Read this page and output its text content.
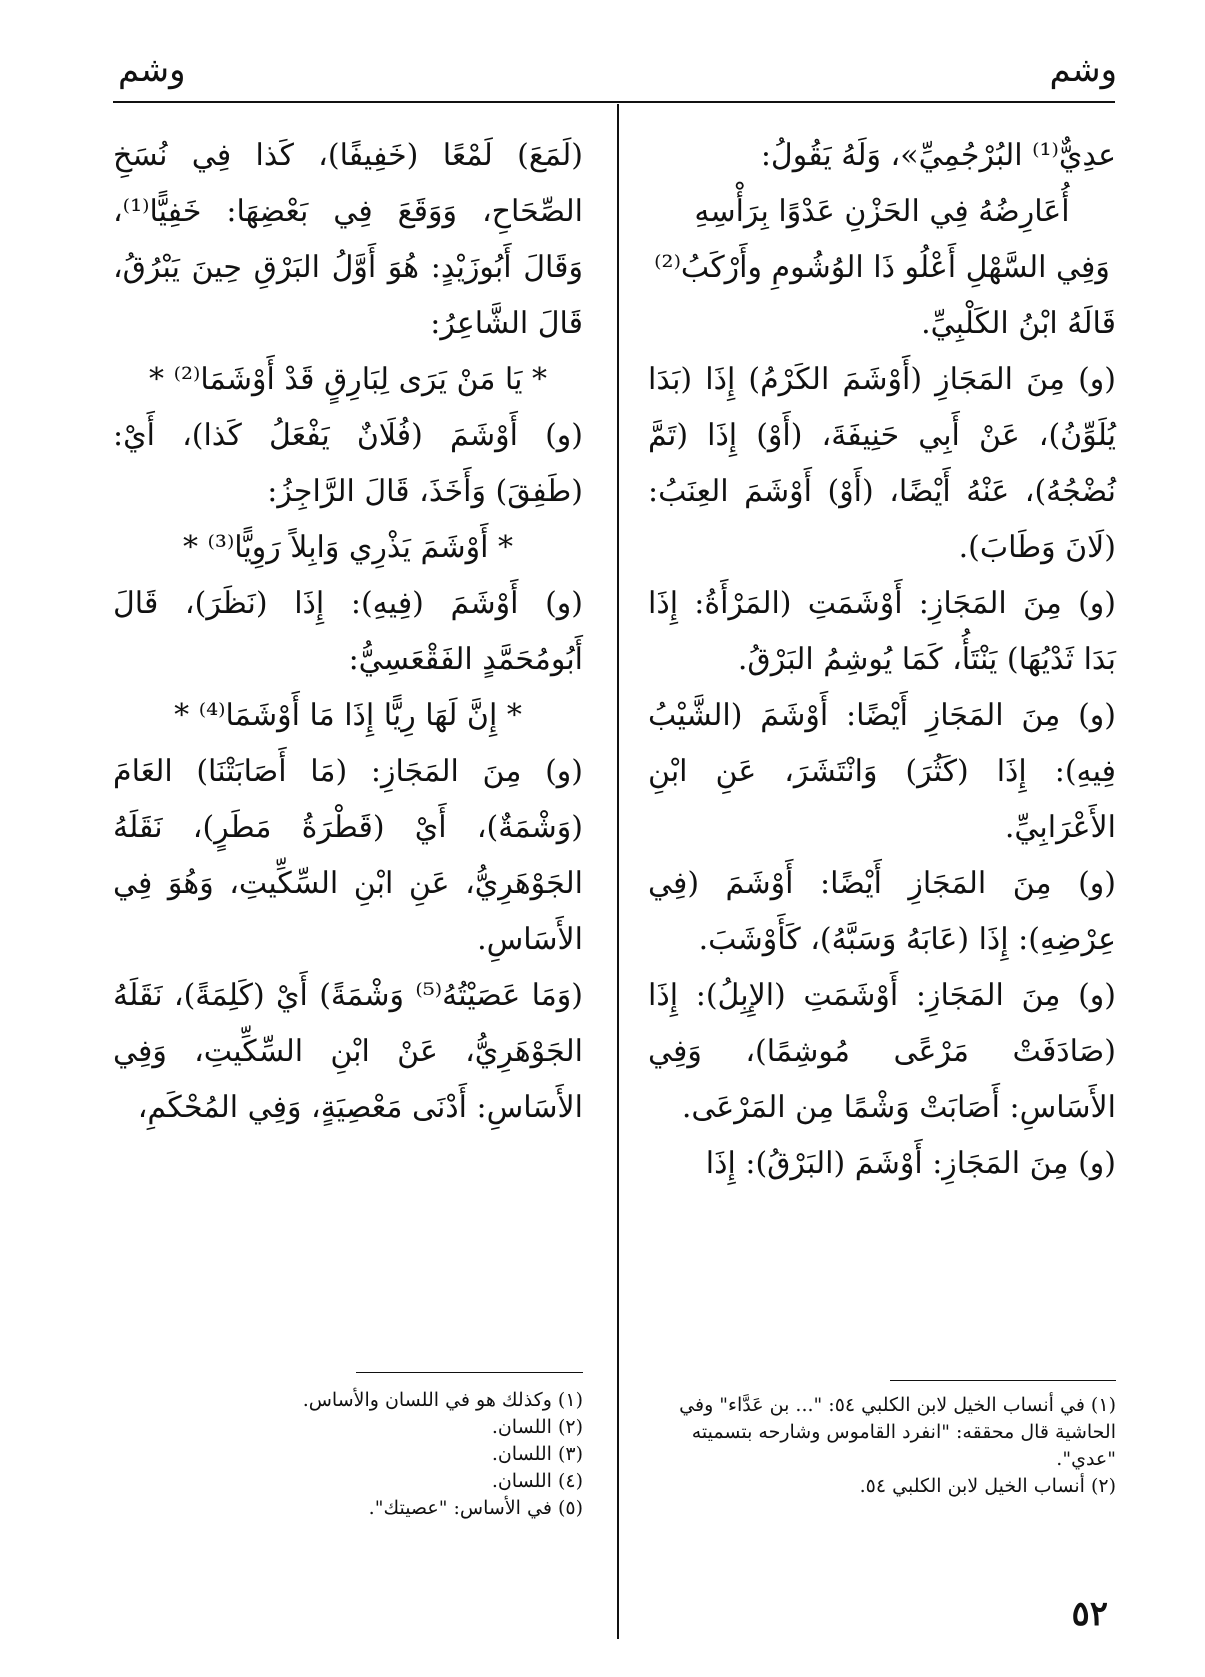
وشم
وشم

عدِيٌّ⁽¹⁾ البُرْجُمِيِّ»، وَلَهُ يَقُولُ:

أُعَارِضُهُ فِي الحَزْنِ عَدْوًا بِرَأْسِهِ

وَفِي السَّهْلِ أَعْلُو ذَا الوُشُومِ وأَرْكَبُ⁽²⁾

قَالَهُ ابْنُ الكَلْبِيِّ.

(و) مِنَ المَجَازِ (أَوْشَمَ الكَرْمُ) إِذَا (بَدَا يُلَوِّنُ)، عَنْ أَبِي حَنِيفَةَ، (أَوْ) إِذَا (تَمَّ نُضْجُهُ)، عَنْهُ أَيْضًا، (أَوْ) أَوْشَمَ العِنَبُ: (لَانَ وَطَابَ).

(و) مِنَ المَجَازِ: أَوْشَمَتِ (المَرْأَةُ: إِذَا بَدَا ثَدْيُهَا) يَنْتَأُ، كَمَا يُوشِمُ البَرْقُ.

(و) مِنَ المَجَازِ أَيْضًا: أَوْشَمَ (الشَّيْبُ فِيهِ): إِذَا (كَثُرَ) وَانْتَشَرَ، عَنِ ابْنِ الأَعْرَابِيِّ.

(و) مِنَ المَجَازِ أَيْضًا: أَوْشَمَ (فِي عِرْضِهِ): إِذَا (عَابَهُ وَسَبَّهُ)، كَأَوْشَبَ.

(و) مِنَ المَجَازِ: أَوْشَمَتِ (الإِبِلُ): إِذَا (صَادَفَتْ مَرْعًى مُوشِمًا)، وَفِي الأَسَاسِ: أَصَابَتْ وَشْمًا مِن المَرْعَى.

(و) مِنَ المَجَازِ: أَوْشَمَ (البَرْقُ): إِذَا

(لَمَعَ) لَمْعًا (خَفِيفًا)، كَذا فِي نُسَخِ الصِّحَاحِ، وَوَقَعَ فِي بَعْضِهَا: خَفِيًّا⁽¹⁾، وَقَالَ أَبُوزَيْدٍ: هُوَ أَوَّلُ البَرْقِ حِينَ يَبْرُقُ، قَالَ الشَّاعِرُ:

* يَا مَنْ يَرَى لِبَارِقٍ قَدْ أَوْشَمَا⁽²⁾ *

(و) أَوْشَمَ (فُلَانٌ يَفْعَلُ كَذا)، أَيْ: (طَفِقَ) وَأَخَذَ، قَالَ الرَّاجِزُ:

* أَوْشَمَ يَذْرِي وَابِلاً رَوِيًّا⁽³⁾ *

(و) أَوْشَمَ (فِيهِ): إِذَا (نَظَرَ)، قَالَ أَبُومُحَمَّدٍ الفَقْعَسِيُّ:

* إِنَّ لَهَا رِيًّا إِذَا مَا أَوْشَمَا⁽⁴⁾ *

(و) مِنَ المَجَازِ: (مَا أَصَابَتْنَا) العَامَ (وَشْمَةٌ)، أَيْ (قَطْرَةُ مَطَرٍ)، نَقَلَهُ الجَوْهَرِيُّ، عَنِ ابْنِ السِّكِّيتِ، وَهُوَ فِي الأَسَاسِ.

(وَمَا عَصَيْتُهُ⁽⁵⁾ وَشْمَةً) أَيْ (كَلِمَةً)، نَقَلَهُ الجَوْهَرِيُّ، عَنْ ابْنِ السِّكِّيتِ، وَفِي الأَسَاسِ: أَدْنَى مَعْصِيَةٍ، وَفِي المُحْكَمِ،

(١) في أنساب الخيل لابن الكلبي ٥٤: "... بن عَدَّاء" وفي الحاشية قال محققه: "انفرد القاموس وشارحه بتسميته "عدي".

(٢) أنساب الخيل لابن الكلبي ٥٤.

(١) وكذلك هو في اللسان والأساس.

(٢) اللسان.

(٣) اللسان.

(٤) اللسان.

(٥) في الأساس: "عصيتك".

٥٢
